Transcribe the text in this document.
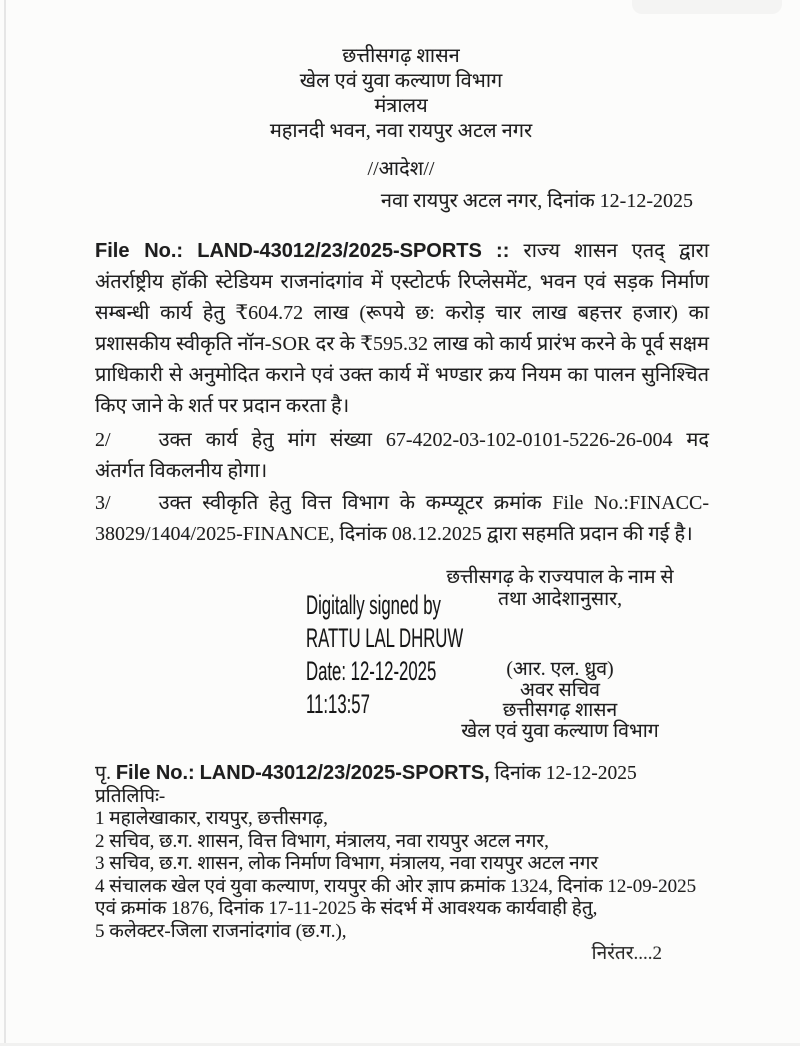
छत्तीसगढ़ शासन
खेल एवं युवा कल्याण विभाग
मंत्रालय
महानदी भवन, नवा रायपुर अटल नगर
//आदेश//
नवा रायपुर अटल नगर, दिनांक 12-12-2025

File No.: LAND-43012/23/2025-SPORTS :: राज्य शासन एतद् द्वारा अंतर्राष्ट्रीय हॉकी स्टेडियम राजनांदगांव में एस्टोटर्फ रिप्लेसमेंट, भवन एवं सड़क निर्माण सम्बन्धी कार्य हेतु ₹604.72 लाख (रूपये छ: करोड़ चार लाख बहत्तर हजार) का प्रशासकीय स्वीकृति नॉन-SOR दर के ₹595.32 लाख को कार्य प्रारंभ करने के पूर्व सक्षम प्राधिकारी से अनुमोदित कराने एवं उक्त कार्य में भण्डार क्रय नियम का पालन सुनिश्चित किए जाने के शर्त पर प्रदान करता है।

2/ उक्त कार्य हेतु मांग संख्या 67-4202-03-102-0101-5226-26-004 मद अंतर्गत विकलनीय होगा।

3/ उक्त स्वीकृति हेतु वित्त विभाग के कम्प्यूटर क्रमांक File No.:FINACC-38029/1404/2025-FINANCE, दिनांक 08.12.2025 द्वारा सहमति प्रदान की गई है।

छत्तीसगढ़ के राज्यपाल के नाम से
तथा आदेशानुसार,
Digitally signed by
RATTU LAL DHRUW
Date: 12-12-2025
11:13:57
(आर. एल. ध्रुव)
अवर सचिव
छत्तीसगढ़ शासन
खेल एवं युवा कल्याण विभाग
पृ. File No.: LAND-43012/23/2025-SPORTS, दिनांक 12-12-2025
प्रतिलिपिः-
1 महालेखाकार, रायपुर, छत्तीसगढ़,
2 सचिव, छ.ग. शासन, वित्त विभाग, मंत्रालय, नवा रायपुर अटल नगर,
3 सचिव, छ.ग. शासन, लोक निर्माण विभाग, मंत्रालय, नवा रायपुर अटल नगर
4 संचालक खेल एवं युवा कल्याण, रायपुर की ओर ज्ञाप क्रमांक 1324, दिनांक 12-09-2025 एवं क्रमांक 1876, दिनांक 17-11-2025 के संदर्भ में आवश्यक कार्यवाही हेतु,
5 कलेक्टर-जिला राजनांदगांव (छ.ग.),
निरंतर....2
